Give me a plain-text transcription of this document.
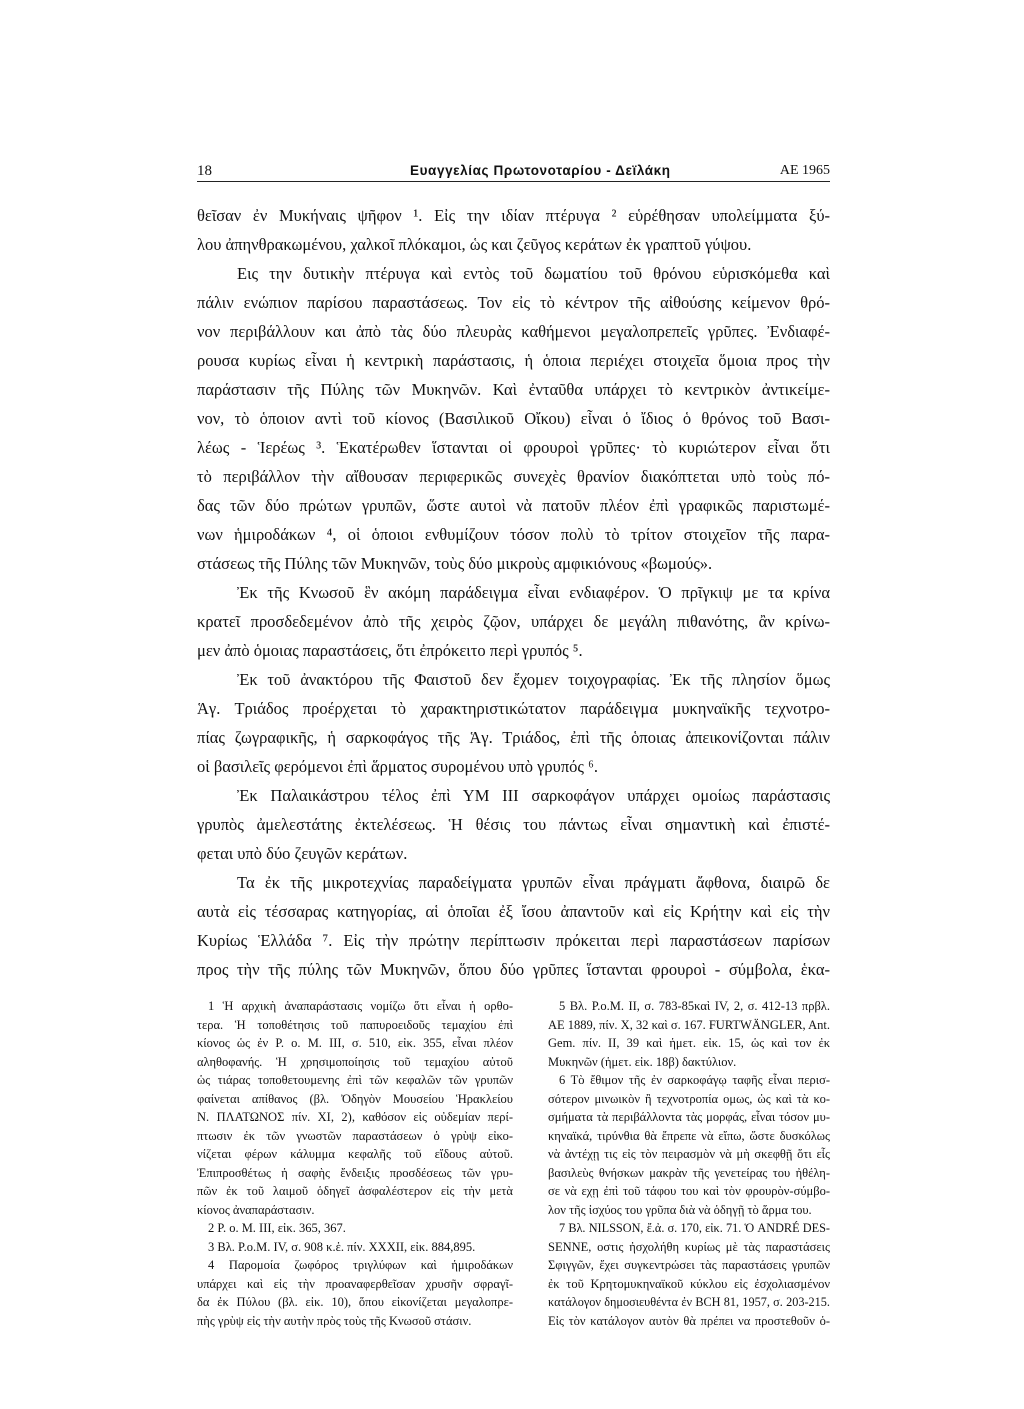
18	Ευαγγελίας Πρωτονοταρίου - Δεϊλάκη	ΑΕ 1965
θεῖσαν ἐν Μυκήναις ψῆφον ¹. Εἰς την ιδίαν πτέρυγα ² εὑρέθησαν υπολείμματα ξύ-
λου ἀπηνθρακωμένου, χαλκοῖ πλόκαμοι, ὡς και ζεῦγος κεράτων ἐκ γραπτοῦ γύψου.
Εις την δυτικὴν πτέρυγα καὶ εντὸς τοῦ δωματίου τοῦ θρόνου εὑρισκόμεθα καὶ
πάλιν ενώπιον παρίσου παραστάσεως. Τον εἰς τὸ κέντρον τῆς αἰθούσης κείμενον θρό-
νον περιβάλλουν και ἀπὸ τὰς δύο πλευρὰς καθήμενοι μεγαλοπρεπεῖς γρῦπες. Ἐνδιαφέ-
ρουσα κυρίως εἶναι ἡ κεντρικὴ παράστασις, ἡ ὁποια περιέχει στοιχεῖα ὅμοια προς τὴν
παράστασιν τῆς Πύλης τῶν Μυκηνῶν. Καὶ ἐνταῦθα υπάρχει τὸ κεντρικὸν ἀντικείμε-
νον, τὸ ὁποιον αντὶ τοῦ κίονος (Βασιλικοῦ Οἴκου) εἶναι ὁ ἴδιος ὁ θρόνος τοῦ Βασι-
λέως - Ἱερέως ³. Ἑκατέρωθεν ἵστανται οἱ φρουροὶ γρῦπες· τὸ κυριώτερον εἶναι ὅτι
τὸ περιβάλλον τὴν αἴθουσαν περιφερικῶς συνεχὲς θρανίον διακόπτεται υπὸ τοὺς πό-
δας τῶν δύο πρώτων γρυπῶν, ὥστε αυτοὶ νὰ πατοῦν πλέον ἐπὶ γραφικῶς παριστωμέ-
νων ἡμιροδάκων ⁴, οἱ ὁποιοι ενθυμίζουν τόσον πολὺ τὸ τρίτον στοιχεῖον τῆς παρα-
στάσεως τῆς Πύλης τῶν Μυκηνῶν, τοὺς δύο μικροὺς αμφικιόνους «βωμούς».
Ἐκ τῆς Κνωσοῦ ἓν ακόμη παράδειγμα εἶναι ενδιαφέρον. Ὁ πρῖγκιψ με τα κρίνα
κρατεῖ προσδεδεμένον ἀπὸ τῆς χειρὸς ζῷον, υπάρχει δε μεγάλη πιθανότης, ἂν κρίνω-
μεν ἀπὸ ὁμοιας παραστάσεις, ὅτι ἐπρόκειτο περὶ γρυπός ⁵.
Ἐκ τοῦ ἀνακτόρου τῆς Φαιστοῦ δεν ἔχομεν τοιχογραφίας. Ἐκ τῆς πλησίον ὅμως
Ἁγ. Τριάδος προέρχεται τὸ χαρακτηριστικώτατον παράδειγμα μυκηναϊκῆς τεχνοτρο-
πίας ζωγραφικῆς, ἡ σαρκοφάγος τῆς Ἁγ. Τριάδος, ἐπὶ τῆς ὁποιας ἀπεικονίζονται πάλιν
οἱ βασιλεῖς φερόμενοι ἐπὶ ἅρματος συρομένου υπὸ γρυπός ⁶.
Ἐκ Παλαικάστρου τέλος ἐπὶ ΥΜ ΙΙΙ σαρκοφάγον υπάρχει ομοίως παράστασις
γρυπὸς ἀμελεστάτης ἐκτελέσεως. Ἡ θέσις του πάντως εἶναι σημαντικὴ καὶ ἐπιστέ-
φεται υπὸ δύο ζευγῶν κεράτων.
Τα ἐκ τῆς μικροτεχνίας παραδείγματα γρυπῶν εἶναι πράγματι ἄφθονα, διαιρῶ δε
αυτὰ εἰς τέσσαρας κατηγορίας, αἱ ὁποῖαι ἐξ ἴσου ἀπαντοῦν καὶ εἰς Κρήτην καὶ εἰς τὴν
Κυρίως Ἑλλάδα ⁷. Εἰς τὴν πρώτην περίπτωσιν πρόκειται περὶ παραστάσεων παρίσων
προς τὴν τῆς πύλης τῶν Μυκηνῶν, ὅπου δύο γρῦπες ἵστανται φρουροὶ - σύμβολα, ἑκα-
1 Ἡ αρχικὴ ἀναπαράστασις νομίζω ὅτι εἶναι ἡ ορθο-
τερα. Ἡ τοποθέτησις τοῦ παπυροειδοῦς τεμαχίου ἐπὶ
κίονος ὡς ἐν P. o. M. III, σ. 510, εἰκ. 355, εἶναι πλέον
αληθοφανής. Ἡ χρησιμοποίησις τοῦ τεμαχίου αὐτοῦ
ὡς τιάρας τοποθετουμενης ἐπὶ τῶν κεφαλῶν τῶν γρυπῶν
φαίνεται απίθανος (βλ. Ὀδηγὸν Μουσείου Ἡρακλείου
N. ΠΛΑΤΩΝΟΣ πίν. XI, 2), καθόσον εἰς οὐδεμίαν περί-
πτωσιν ἐκ τῶν γνωστῶν παραστάσεων ὁ γρὺψ εἰκο-
νίζεται φέρων κάλυμμα κεφαλῆς τοῦ εἴδους αὐτοῦ.
Ἐπιπροσθέτως ἡ σαφὴς ἔνδειξις προσδέσεως τῶν γρυ-
πῶν ἐκ τοῦ λαιμοῦ ὁδηγεῖ ἀσφαλέστερον εἰς τὴν μετὰ
κίονος ἀναπαράστασιν.
2 P. o. M. III, εἰκ. 365, 367.
3 Βλ. P.o.M. IV, σ. 908 κ.ἑ. πίν. XXXII, εἰκ. 884,895.
4 Παρομοία ζωφόρος τριγλύφων καὶ ἡμιροδάκων
υπάρχει καὶ εἰς τὴν προαναφερθεῖσαν χρυσῆν σφραγῖ-
δα ἐκ Πύλου (βλ. εἰκ. 10), ὅπου εἰκονίζεται μεγαλοπρε-
πὴς γρὺψ εἰς τὴν αυτὴν πρὸς τοὺς τῆς Κνωσοῦ στάσιν.
5 Βλ. P.o.M. II, σ. 783-85καὶ IV, 2, σ. 412-13 πρβλ.
AE 1889, πίν. X, 32 καὶ σ. 167. FURTWÄNGLER, Ant.
Gem. πίν. II, 39 καὶ ἡμετ. εἰκ. 15, ὡς καὶ τον ἐκ
Μυκηνῶν (ἡμετ. εἰκ. 18β) δακτύλιον.
6 Τὸ ἔθιμον τῆς ἐν σαρκοφάγῳ ταφῆς εἶναι περισ-
σότερον μινωικὸν ἢ τεχνοτροπία ομως, ὡς καὶ τὰ κο-
σμήματα τὰ περιβάλλοντα τὰς μορφάς, εἶναι τόσον μυ-
κηναϊκά, τιρύνθια θὰ ἔπρεπε νὰ εἴπω, ὥστε δυσκόλως
νὰ ἀντέχῃ τις εἰς τὸν πειρασμὸν νὰ μὴ σκεφθῇ ὅτι εἷς
βασιλεὺς θνήσκων μακρὰν τῆς γενετείρας του ἠθέλη-
σε νὰ εχῃ ἐπὶ τοῦ τάφου του καὶ τὸν φρουρὸν-σύμβο-
λον τῆς ἰσχύος του γρῦπα διὰ νὰ ὁδηγῇ τὸ ἅρμα του.
7 Βλ. NILSSON, ἔ.ἀ. σ. 170, εἰκ. 71. Ὁ ANDRÉ DES-
SENNE, οστις ἠσχολήθη κυρίως μὲ τὰς παραστάσεις
Σφιγγῶν, ἔχει συγκεντρώσει τὰς παραστάσεις γρυπῶν
ἐκ τοῦ Κρητομυκηναϊκοῦ κύκλου εἰς ἐσχολιασμένον
κατάλογον δημοσιευθέντα ἐν BCH 81, 1957, σ. 203-215.
Εἰς τὸν κατάλογον αυτὸν θὰ πρέπει να προστεθοῦν ὁ-
